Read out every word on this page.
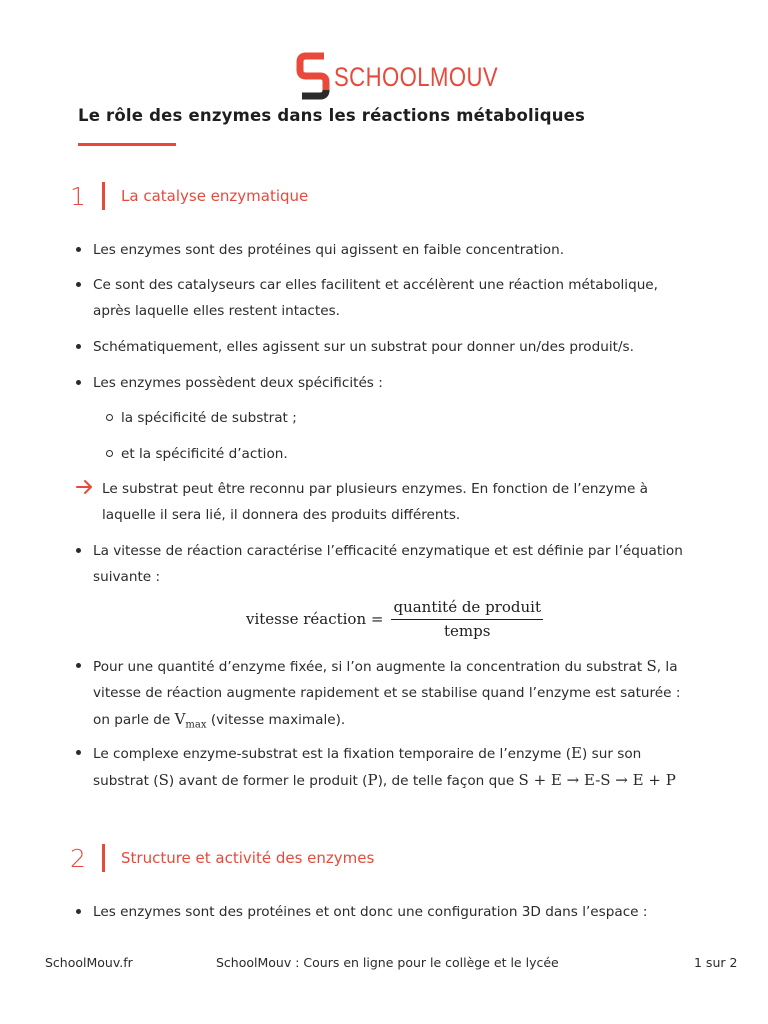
SCHOOLMOUV
Le rôle des enzymes dans les réactions métaboliques
1	La catalyse enzymatique
Les enzymes sont des protéines qui agissent en faible concentration.
Ce sont des catalyseurs car elles facilitent et accélèrent une réaction métabolique, après laquelle elles restent intactes.
Schématiquement, elles agissent sur un substrat pour donner un/des produit/s.
Les enzymes possèdent deux spécificités :
la spécificité de substrat ;
et la spécificité d’action.
Le substrat peut être reconnu par plusieurs enzymes. En fonction de l’enzyme à laquelle il sera lié, il donnera des produits différents.
La vitesse de réaction caractérise l’efficacité enzymatique et est définie par l’équation suivante :
vitesse réaction = $\frac{\text{quantité de produit}}{\text{temps}}$
Pour une quantité d’enzyme fixée, si l’on augmente la concentration du substrat S, la vitesse de réaction augmente rapidement et se stabilise quand l’enzyme est saturée : on parle de $V_{max}$ (vitesse maximale).
Le complexe enzyme-substrat est la fixation temporaire de l’enzyme (E) sur son substrat (S) avant de former le produit (P), de telle façon que S + E → E-S → E + P
2	Structure et activité des enzymes
Les enzymes sont des protéines et ont donc une configuration 3D dans l’espace :
SchoolMouv.fr	SchoolMouv : Cours en ligne pour le collège et le lycée	1 sur 2
